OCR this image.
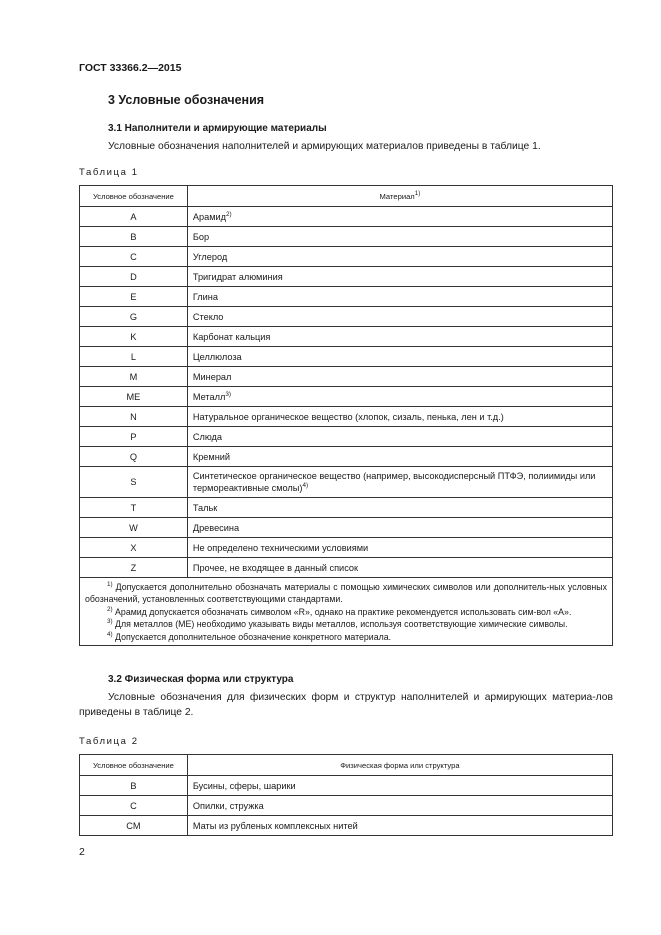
ГОСТ 33366.2—2015
3 Условные обозначения
3.1 Наполнители и армирующие материалы
Условные обозначения наполнителей и армирующих материалов приведены в таблице 1.
Таблица 1
Условное обозначение	Материал$^{1)}$
A	Арамид$^{2)}$
B	Бор
C	Углерод
D	Тригидрат алюминия
E	Глина
G	Стекло
K	Карбонат кальция
L	Целлюлоза
M	Минерал
ME	Металл$^{3)}$
N	Натуральное органическое вещество (хлопок, сизаль, пенька, лен и т.д.)
P	Слюда
Q	Кремний
S	Синтетическое органическое вещество (например, высокодисперсный ПТФЭ, полиимиды или термореактивные смолы)$^{4)}$
T	Тальк
W	Древесина
X	Не определено техническими условиями
Z	Прочее, не входящее в данный список

$^{1)}$ Допускается дополнительно обозначать материалы с помощью химических символов или дополнитель-ных условных обозначений, установленных соответствующими стандартами.
$^{2)}$ Арамид допускается обозначать символом «R», однако на практике рекомендуется использовать сим-вол «A».
$^{3)}$ Для металлов (ME) необходимо указывать виды металлов, используя соответствующие химические символы.
$^{4)}$ Допускается дополнительное обозначение конкретного материала.	
3.2 Физическая форма или структура
Условные обозначения для физических форм и структур наполнителей и армирующих материа-лов приведены в таблице 2.
Таблица 2
Условное обозначение	Физическая форма или структура
B	Бусины, сферы, шарики
C	Опилки, стружка
CM	Маты из рубленых комплексных нитей
2
